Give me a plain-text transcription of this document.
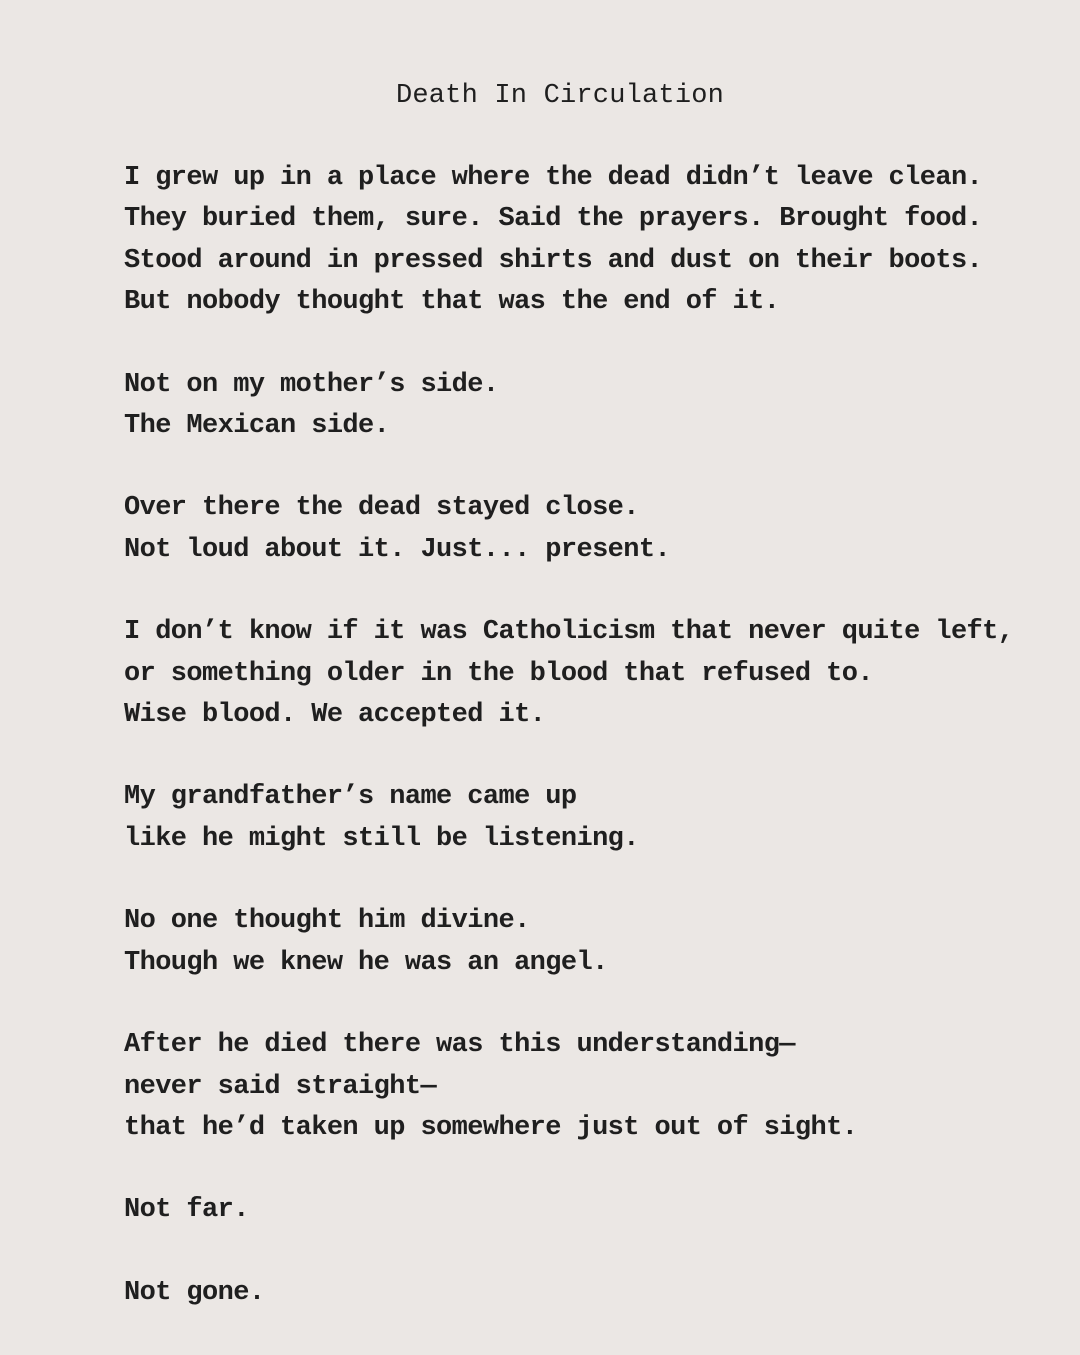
Death In Circulation
I grew up in a place where the dead didn’t leave clean.
They buried them, sure. Said the prayers. Brought food.
Stood around in pressed shirts and dust on their boots.
But nobody thought that was the end of it.
Not on my mother’s side.
The Mexican side.
Over there the dead stayed close.
Not loud about it. Just... present.
I don’t know if it was Catholicism that never quite left,
or something older in the blood that refused to.
Wise blood. We accepted it.
My grandfather’s name came up
like he might still be listening.
No one thought him divine.
Though we knew he was an angel.
After he died there was this understanding—
never said straight—
that he’d taken up somewhere just out of sight.
Not far.
Not gone.
